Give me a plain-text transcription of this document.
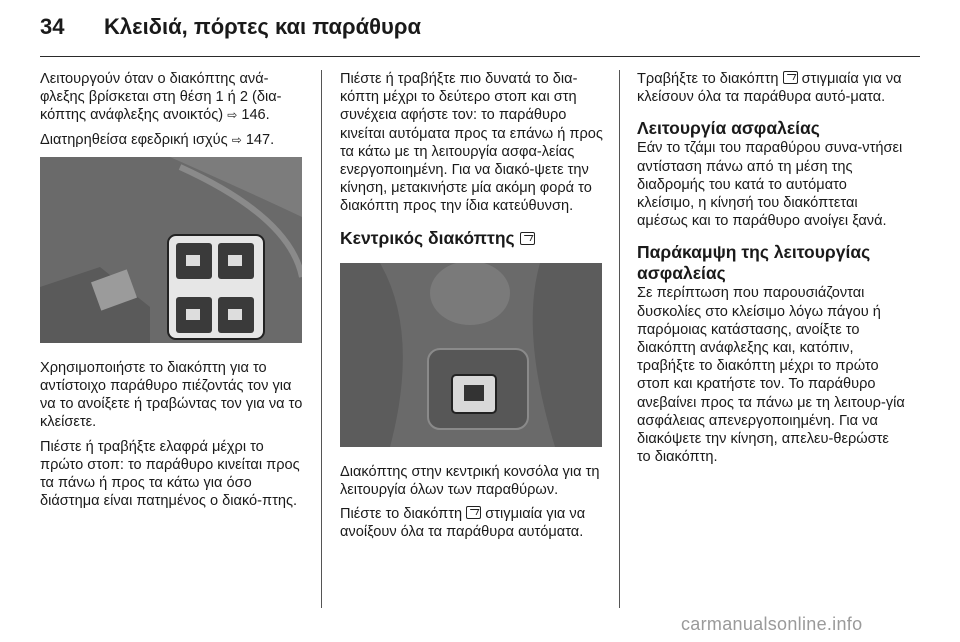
34 Κλειδιά, πόρτες και παράθυρα

Λειτουργούν όταν ο διακόπτης ανά-φλεξης βρίσκεται στη θέση 1 ή 2 (δια-κόπτης ανάφλεξης ανοικτός) ⇨ 146.

Διατηρηθείσα εφεδρική ισχύς ⇨ 147.

Χρησιμοποιήστε το διακόπτη για το αντίστοιχο παράθυρο πιέζοντάς τον για να το ανοίξετε ή τραβώντας τον για να το κλείσετε.

Πιέστε ή τραβήξτε ελαφρά μέχρι το πρώτο στοπ: το παράθυρο κινείται προς τα πάνω ή προς τα κάτω για όσο διάστημα είναι πατημένος ο διακό-πτης.

Πιέστε ή τραβήξτε πιο δυνατά το δια-κόπτη μέχρι το δεύτερο στοπ και στη συνέχεια αφήστε τον: το παράθυρο κινείται αυτόματα προς τα επάνω ή προς τα κάτω με τη λειτουργία ασφα-λείας ενεργοποιημένη. Για να διακό-ψετε την κίνηση, μετακινήστε μία ακόμη φορά το διακόπτη προς την ίδια κατεύθυνση.

Κεντρικός διακόπτης

Διακόπτης στην κεντρική κονσόλα για τη λειτουργία όλων των παραθύρων.

Πιέστε το διακόπτη στιγμιαία για να ανοίξουν όλα τα παράθυρα αυτόματα.

Τραβήξτε το διακόπτη στιγμιαία για να κλείσουν όλα τα παράθυρα αυτό-ματα.

Λειτουργία ασφαλείας

Εάν το τζάμι του παραθύρου συνα-ντήσει αντίσταση πάνω από τη μέση της διαδρομής του κατά το αυτόματο κλείσιμο, η κίνησή του διακόπτεται αμέσως και το παράθυρο ανοίγει ξανά.

Παράκαμψη της λειτουργίας ασφαλείας

Σε περίπτωση που παρουσιάζονται δυσκολίες στο κλείσιμο λόγω πάγου ή παρόμοιας κατάστασης, ανοίξτε το διακόπτη ανάφλεξης και, κατόπιν, τραβήξτε το διακόπτη μέχρι το πρώτο στοπ και κρατήστε τον. Το παράθυρο ανεβαίνει προς τα πάνω με τη λειτουρ-γία ασφάλειας απενεργοποιημένη. Για να διακόψετε την κίνηση, απελευ-θερώστε το διακόπτη.

carmanualsonline.info
